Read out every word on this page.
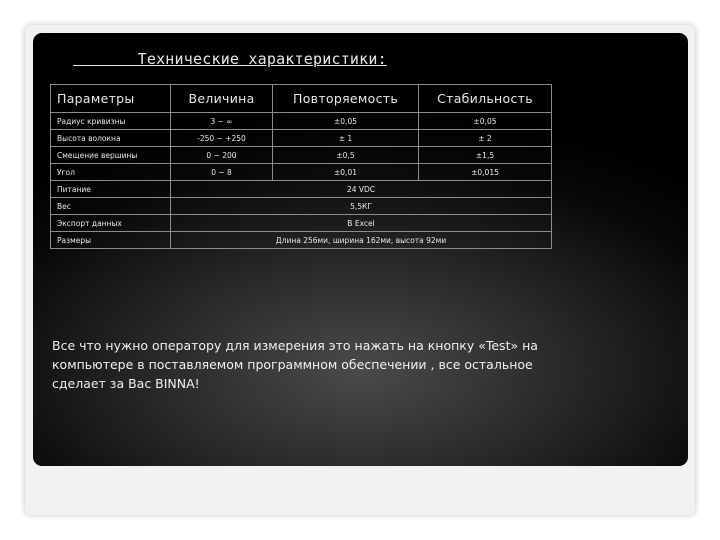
Технические характеристики:
Параметры	Величина	Повторяемость	Стабильность
Радиус кривизны	3 ~ ∞	±0,05	±0,05
Высота волокна	-250 ~ +250	± 1	± 2
Смещение вершины	0 ~ 200	±0,5	±1,5
Угол	0 ~ 8	±0,01	±0,015
Питание	24 VDC		
Вес	5,5КГ		
Экспорт данных	В Excel		
Размеры	Длина 256ми, ширина 162ми, высота 92ми		
Все что нужно оператору для измерения это нажать на кнопку «Test» на компьютере в поставляемом программном обеспечении , все остальное сделает за Вас BINNA!
